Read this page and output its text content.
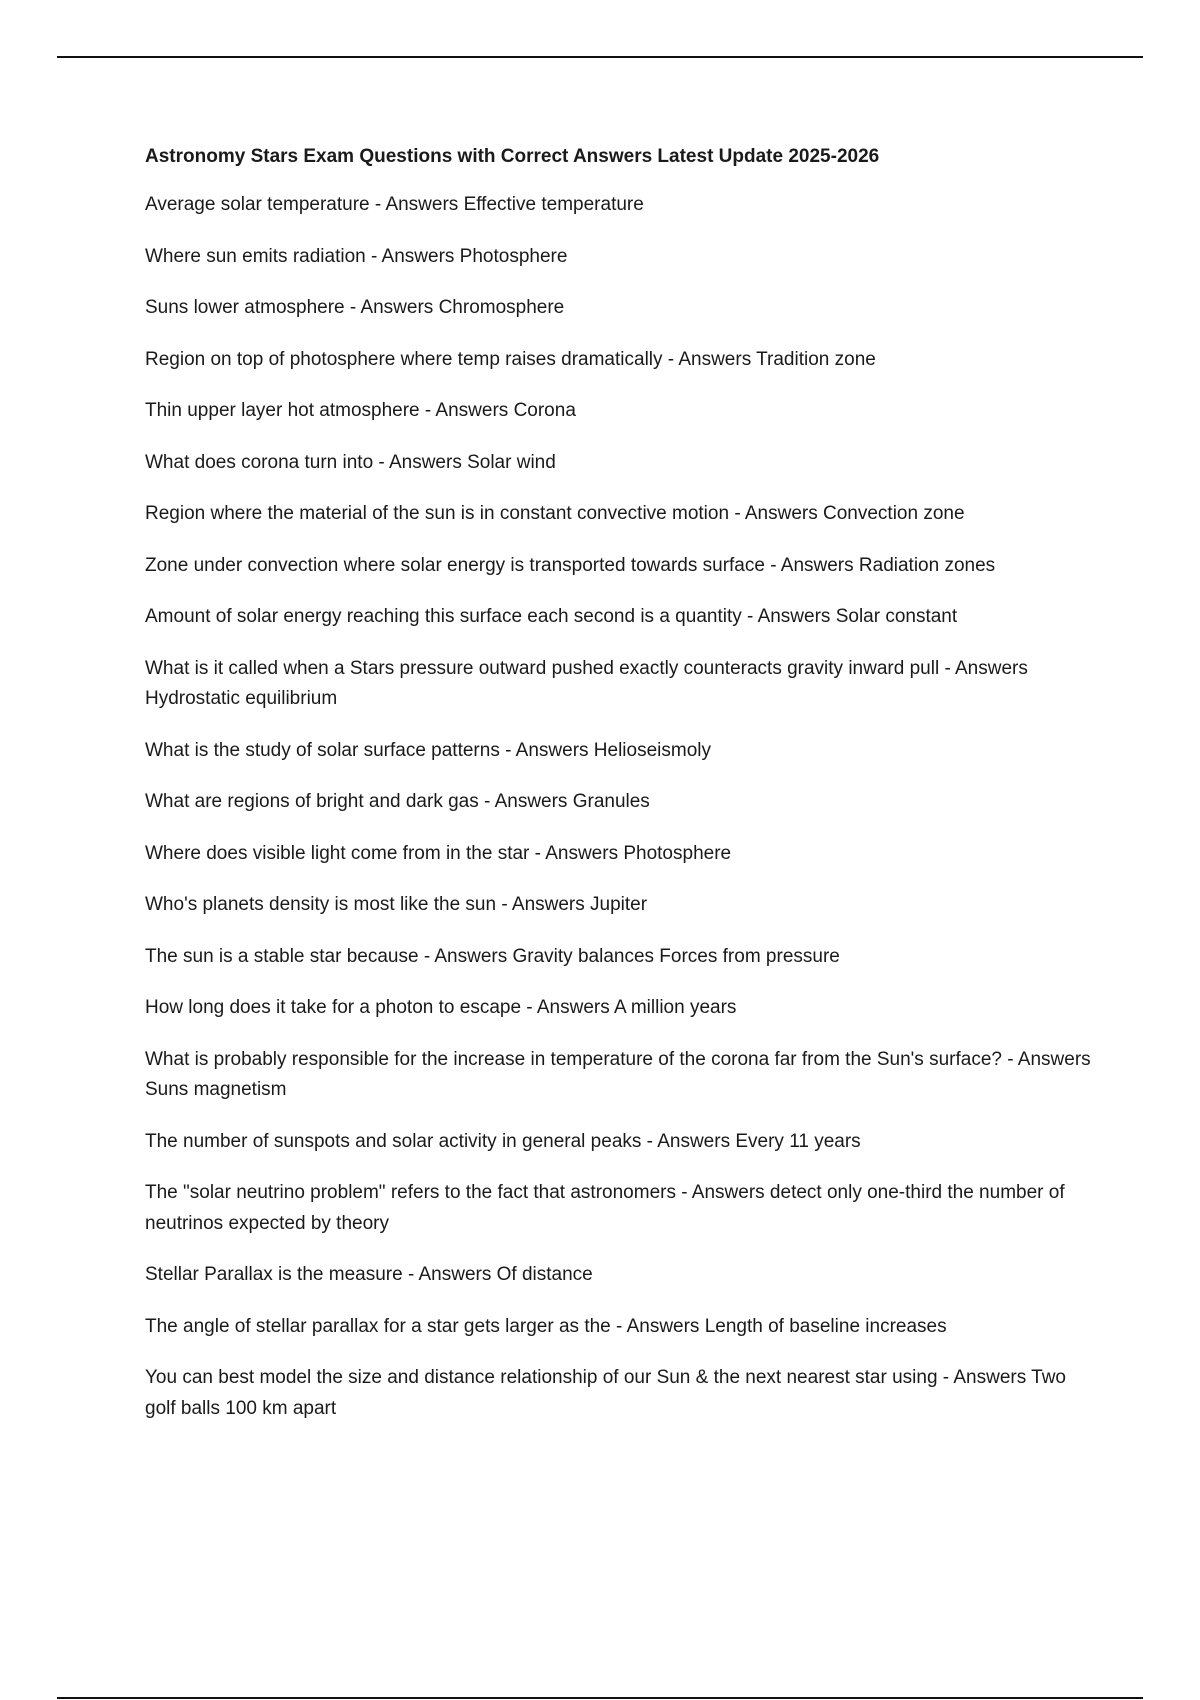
Astronomy Stars Exam Questions with Correct Answers Latest Update 2025-2026
Average solar temperature - Answers Effective temperature
Where sun emits radiation - Answers Photosphere
Suns lower atmosphere - Answers Chromosphere
Region on top of photosphere where temp raises dramatically - Answers Tradition zone
Thin upper layer hot atmosphere - Answers Corona
What does corona turn into - Answers Solar wind
Region where the material of the sun is in constant convective motion - Answers Convection zone
Zone under convection where solar energy is transported towards surface - Answers Radiation zones
Amount of solar energy reaching this surface each second is a quantity - Answers Solar constant
What is it called when a Stars pressure outward pushed exactly counteracts gravity inward pull - Answers Hydrostatic equilibrium
What is the study of solar surface patterns - Answers Helioseismoly
What are regions of bright and dark gas - Answers Granules
Where does visible light come from in the star - Answers Photosphere
Who's planets density is most like the sun - Answers Jupiter
The sun is a stable star because - Answers Gravity balances Forces from pressure
How long does it take for a photon to escape - Answers A million years
What is probably responsible for the increase in temperature of the corona far from the Sun's surface? - Answers Suns magnetism
The number of sunspots and solar activity in general peaks - Answers Every 11 years
The "solar neutrino problem" refers to the fact that astronomers - Answers detect only one-third the number of neutrinos expected by theory
Stellar Parallax is the measure - Answers Of distance
The angle of stellar parallax for a star gets larger as the - Answers Length of baseline increases
You can best model the size and distance relationship of our Sun & the next nearest star using - Answers Two golf balls 100 km apart
